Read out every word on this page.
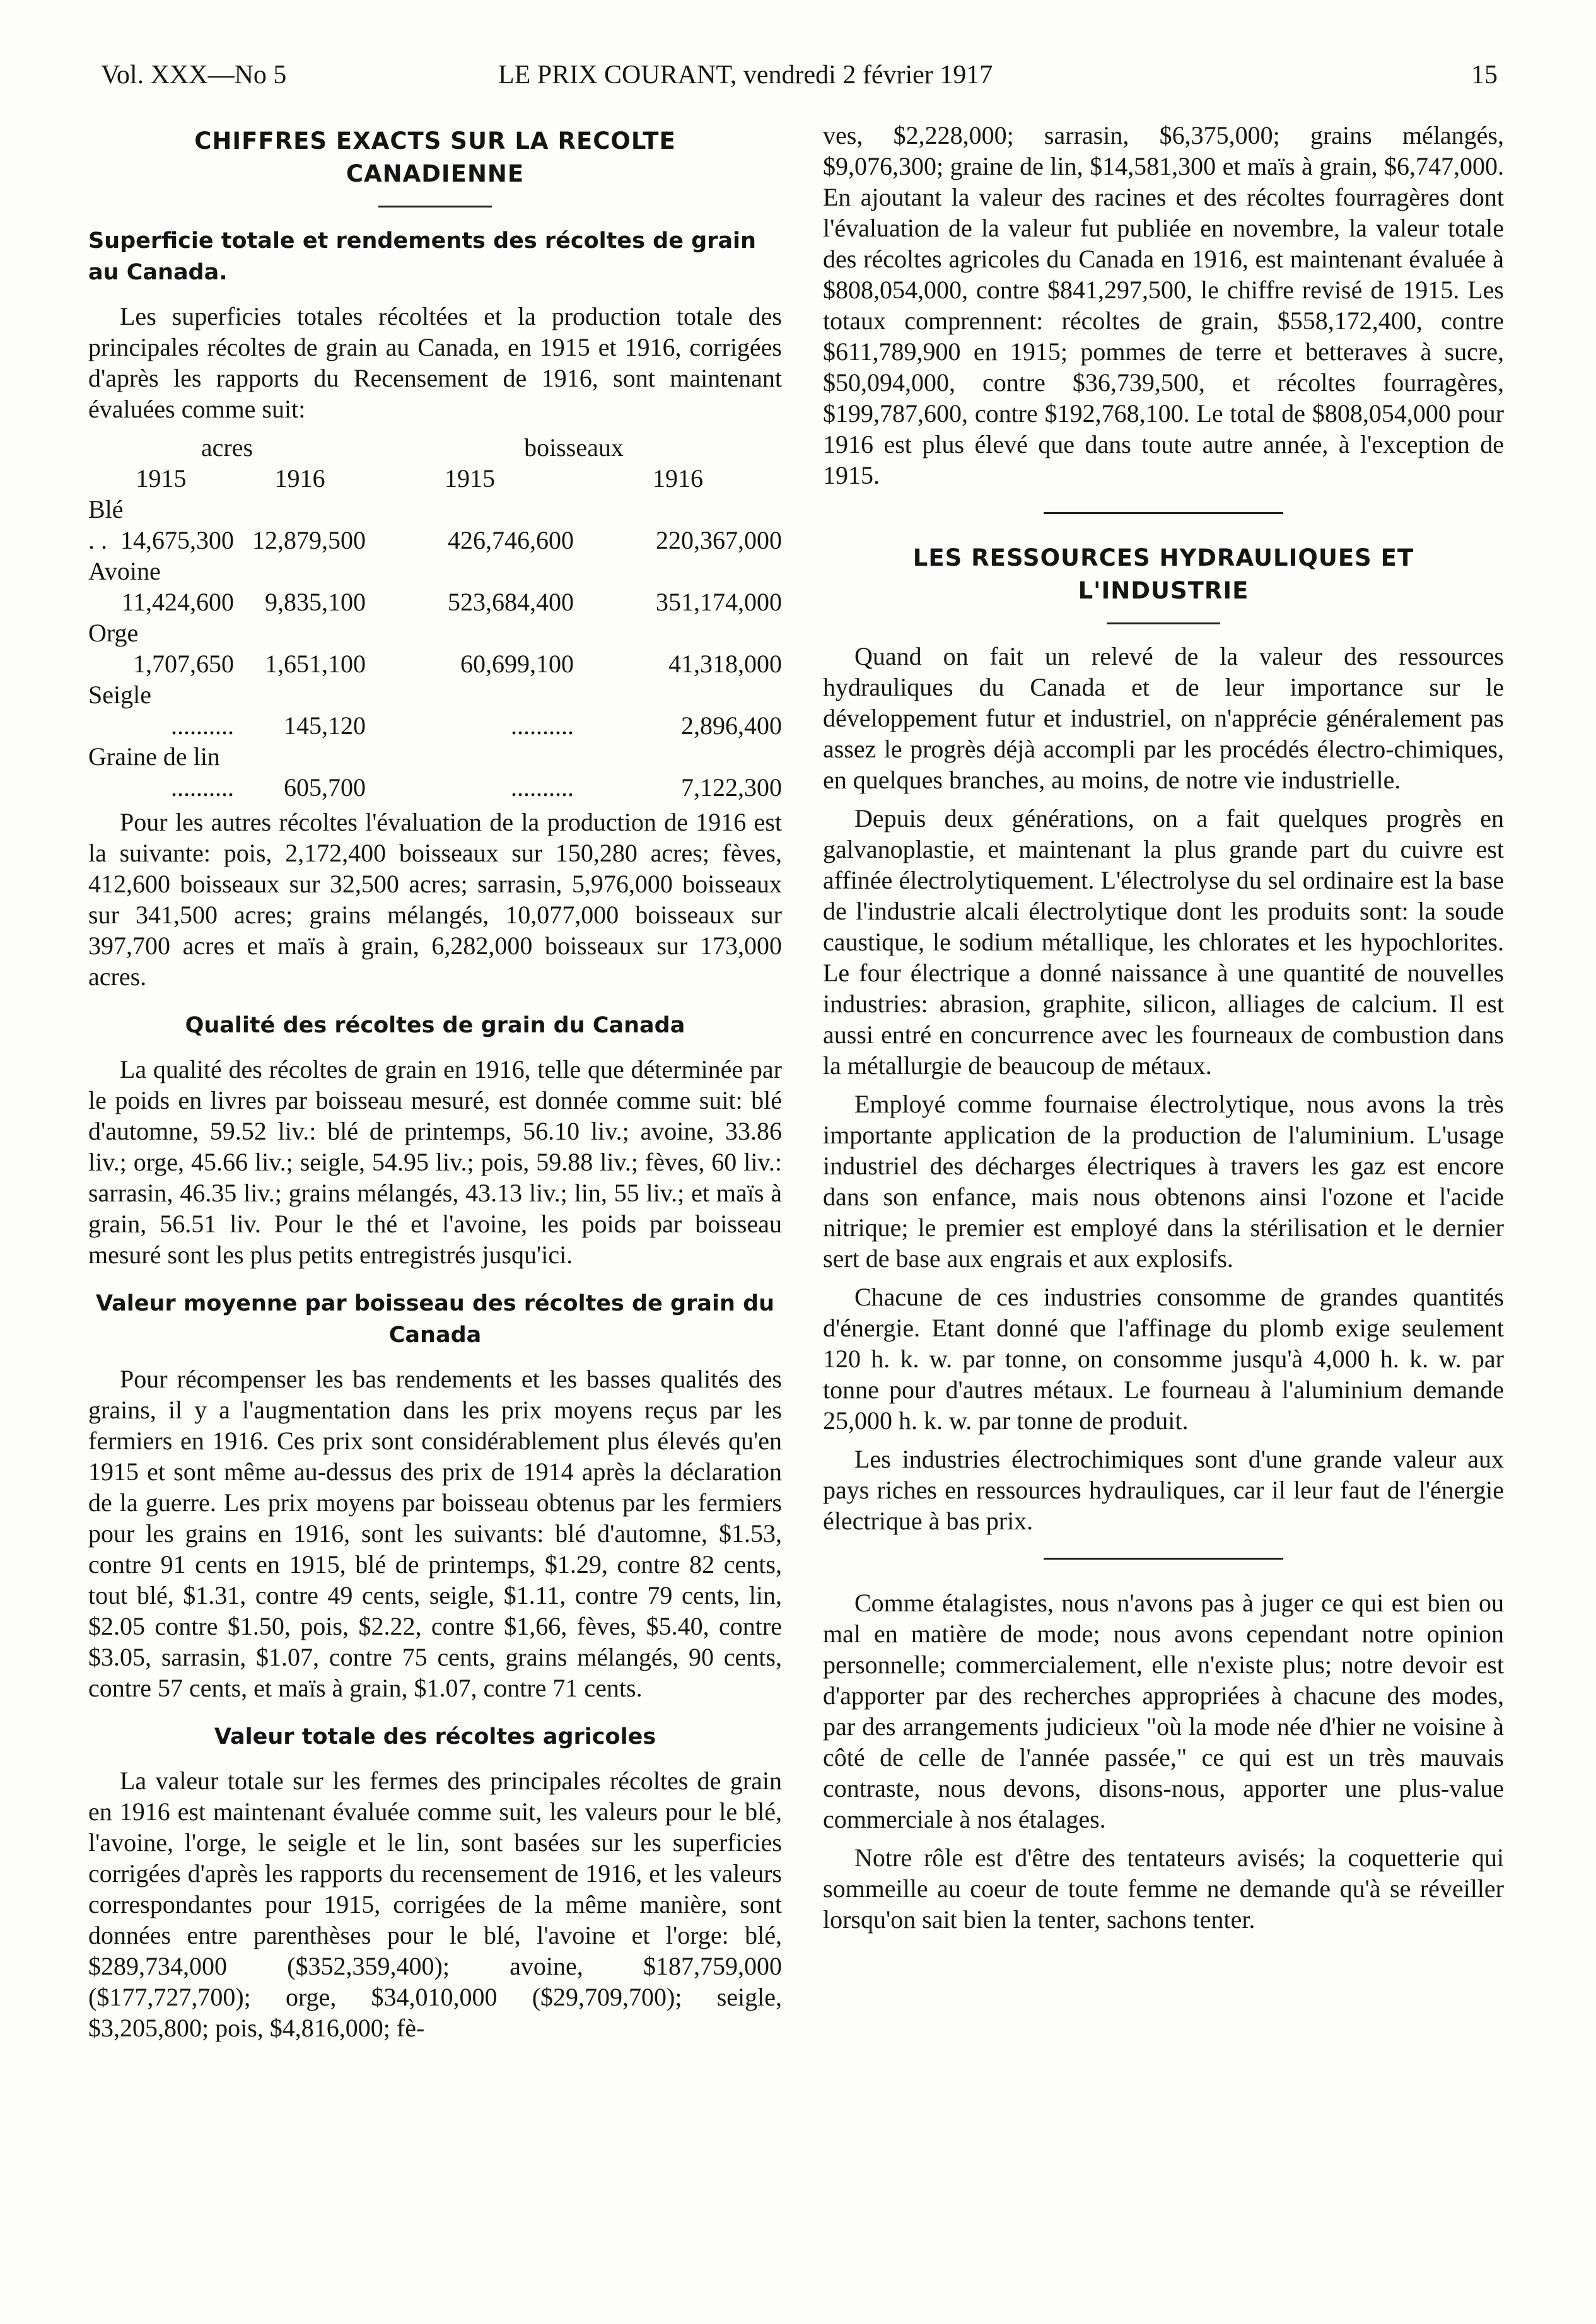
Vol. XXX—No 5	LE PRIX COURANT, vendredi 2 février 1917	15
CHIFFRES EXACTS SUR LA RECOLTE CANADIENNE
Superficie totale et rendements des récoltes de grain au Canada.

Les superficies totales récoltées et la production totale des principales récoltes de grain au Canada, en 1915 et 1916, corrigées d'après les rapports du Recensement de 1916, sont maintenant évaluées comme suit:

acres		boisseaux	
1915	1916	1915	1916
Blé			

. . 14,675,300	12,879,500	426,746,600	220,367,000
Avoine			
11,424,600	9,835,100	523,684,400	351,174,000
Orge			
1,707,650	1,651,100	60,699,100	41,318,000
Seigle			
..........	145,120	..........	2,896,400
Graine de lin			
..........	605,700	..........	7,122,300

Pour les autres récoltes l'évaluation de la production de 1916 est la suivante: pois, 2,172,400 boisseaux sur 150,280 acres; fèves, 412,600 boisseaux sur 32,500 acres; sarrasin, 5,976,000 boisseaux sur 341,500 acres; grains mélangés, 10,077,000 boisseaux sur 397,700 acres et maïs à grain, 6,282,000 boisseaux sur 173,000 acres.

Qualité des récoltes de grain du Canada

La qualité des récoltes de grain en 1916, telle que déterminée par le poids en livres par boisseau mesuré, est donnée comme suit: blé d'automne, 59.52 liv.: blé de printemps, 56.10 liv.; avoine, 33.86 liv.; orge, 45.66 liv.; seigle, 54.95 liv.; pois, 59.88 liv.; fèves, 60 liv.: sarrasin, 46.35 liv.; grains mélangés, 43.13 liv.; lin, 55 liv.; et maïs à grain, 56.51 liv. Pour le thé et l'avoine, les poids par boisseau mesuré sont les plus petits entregistrés jusqu'ici.

Valeur moyenne par boisseau des récoltes de grain du Canada

Pour récompenser les bas rendements et les basses qualités des grains, il y a l'augmentation dans les prix moyens reçus par les fermiers en 1916. Ces prix sont considérablement plus élevés qu'en 1915 et sont même au-dessus des prix de 1914 après la déclaration de la guerre. Les prix moyens par boisseau obtenus par les fermiers pour les grains en 1916, sont les suivants: blé d'automne, $1.53, contre 91 cents en 1915, blé de printemps, $1.29, contre 82 cents, tout blé, $1.31, contre 49 cents, seigle, $1.11, contre 79 cents, lin, $2.05 contre $1.50, pois, $2.22, contre $1,66, fèves, $5.40, contre $3.05, sarrasin, $1.07, contre 75 cents, grains mélangés, 90 cents, contre 57 cents, et maïs à grain, $1.07, contre 71 cents.

Valeur totale des récoltes agricoles

La valeur totale sur les fermes des principales récoltes de grain en 1916 est maintenant évaluée comme suit, les valeurs pour le blé, l'avoine, l'orge, le seigle et le lin, sont basées sur les superficies corrigées d'après les rapports du recensement de 1916, et les valeurs correspondantes pour 1915, corrigées de la même manière, sont données entre parenthèses pour le blé, l'avoine et l'orge: blé, $289,734,000 ($352,359,400); avoine, $187,759,000 ($177,727,700); orge, $34,010,000 ($29,709,700); seigle, $3,205,800; pois, $4,816,000; fè-

ves, $2,228,000; sarrasin, $6,375,000; grains mélangés, $9,076,300; graine de lin, $14,581,300 et maïs à grain, $6,747,000. En ajoutant la valeur des racines et des récoltes fourragères dont l'évaluation de la valeur fut publiée en novembre, la valeur totale des récoltes agricoles du Canada en 1916, est maintenant évaluée à $808,054,000, contre $841,297,500, le chiffre revisé de 1915. Les totaux comprennent: récoltes de grain, $558,172,400, contre $611,789,900 en 1915; pommes de terre et betteraves à sucre, $50,094,000, contre $36,739,500, et récoltes fourragères, $199,787,600, contre $192,768,100. Le total de $808,054,000 pour 1916 est plus élevé que dans toute autre année, à l'exception de 1915.

LES RESSOURCES HYDRAULIQUES ET L'INDUSTRIE

Quand on fait un relevé de la valeur des ressources hydrauliques du Canada et de leur importance sur le développement futur et industriel, on n'apprécie généralement pas assez le progrès déjà accompli par les procédés électro-chimiques, en quelques branches, au moins, de notre vie industrielle.

Depuis deux générations, on a fait quelques progrès en galvanoplastie, et maintenant la plus grande part du cuivre est affinée électrolytiquement. L'électrolyse du sel ordinaire est la base de l'industrie alcali électrolytique dont les produits sont: la soude caustique, le sodium métallique, les chlorates et les hypochlorites. Le four électrique a donné naissance à une quantité de nouvelles industries: abrasion, graphite, silicon, alliages de calcium. Il est aussi entré en concurrence avec les fourneaux de combustion dans la métallurgie de beaucoup de métaux.

Employé comme fournaise électrolytique, nous avons la très importante application de la production de l'aluminium. L'usage industriel des décharges électriques à travers les gaz est encore dans son enfance, mais nous obtenons ainsi l'ozone et l'acide nitrique; le premier est employé dans la stérilisation et le dernier sert de base aux engrais et aux explosifs.

Chacune de ces industries consomme de grandes quantités d'énergie. Etant donné que l'affinage du plomb exige seulement 120 h. k. w. par tonne, on consomme jusqu'à 4,000 h. k. w. par tonne pour d'autres métaux. Le fourneau à l'aluminium demande 25,000 h. k. w. par tonne de produit.

Les industries électrochimiques sont d'une grande valeur aux pays riches en ressources hydrauliques, car il leur faut de l'énergie électrique à bas prix.

Comme étalagistes, nous n'avons pas à juger ce qui est bien ou mal en matière de mode; nous avons cependant notre opinion personnelle; commercialement, elle n'existe plus; notre devoir est d'apporter par des recherches appropriées à chacune des modes, par des arrangements judicieux "où la mode née d'hier ne voisine à côté de celle de l'année passée," ce qui est un très mauvais contraste, nous devons, disons-nous, apporter une plus-value commerciale à nos étalages.

Notre rôle est d'être des tentateurs avisés; la coquetterie qui sommeille au coeur de toute femme ne demande qu'à se réveiller lorsqu'on sait bien la tenter, sachons tenter.
